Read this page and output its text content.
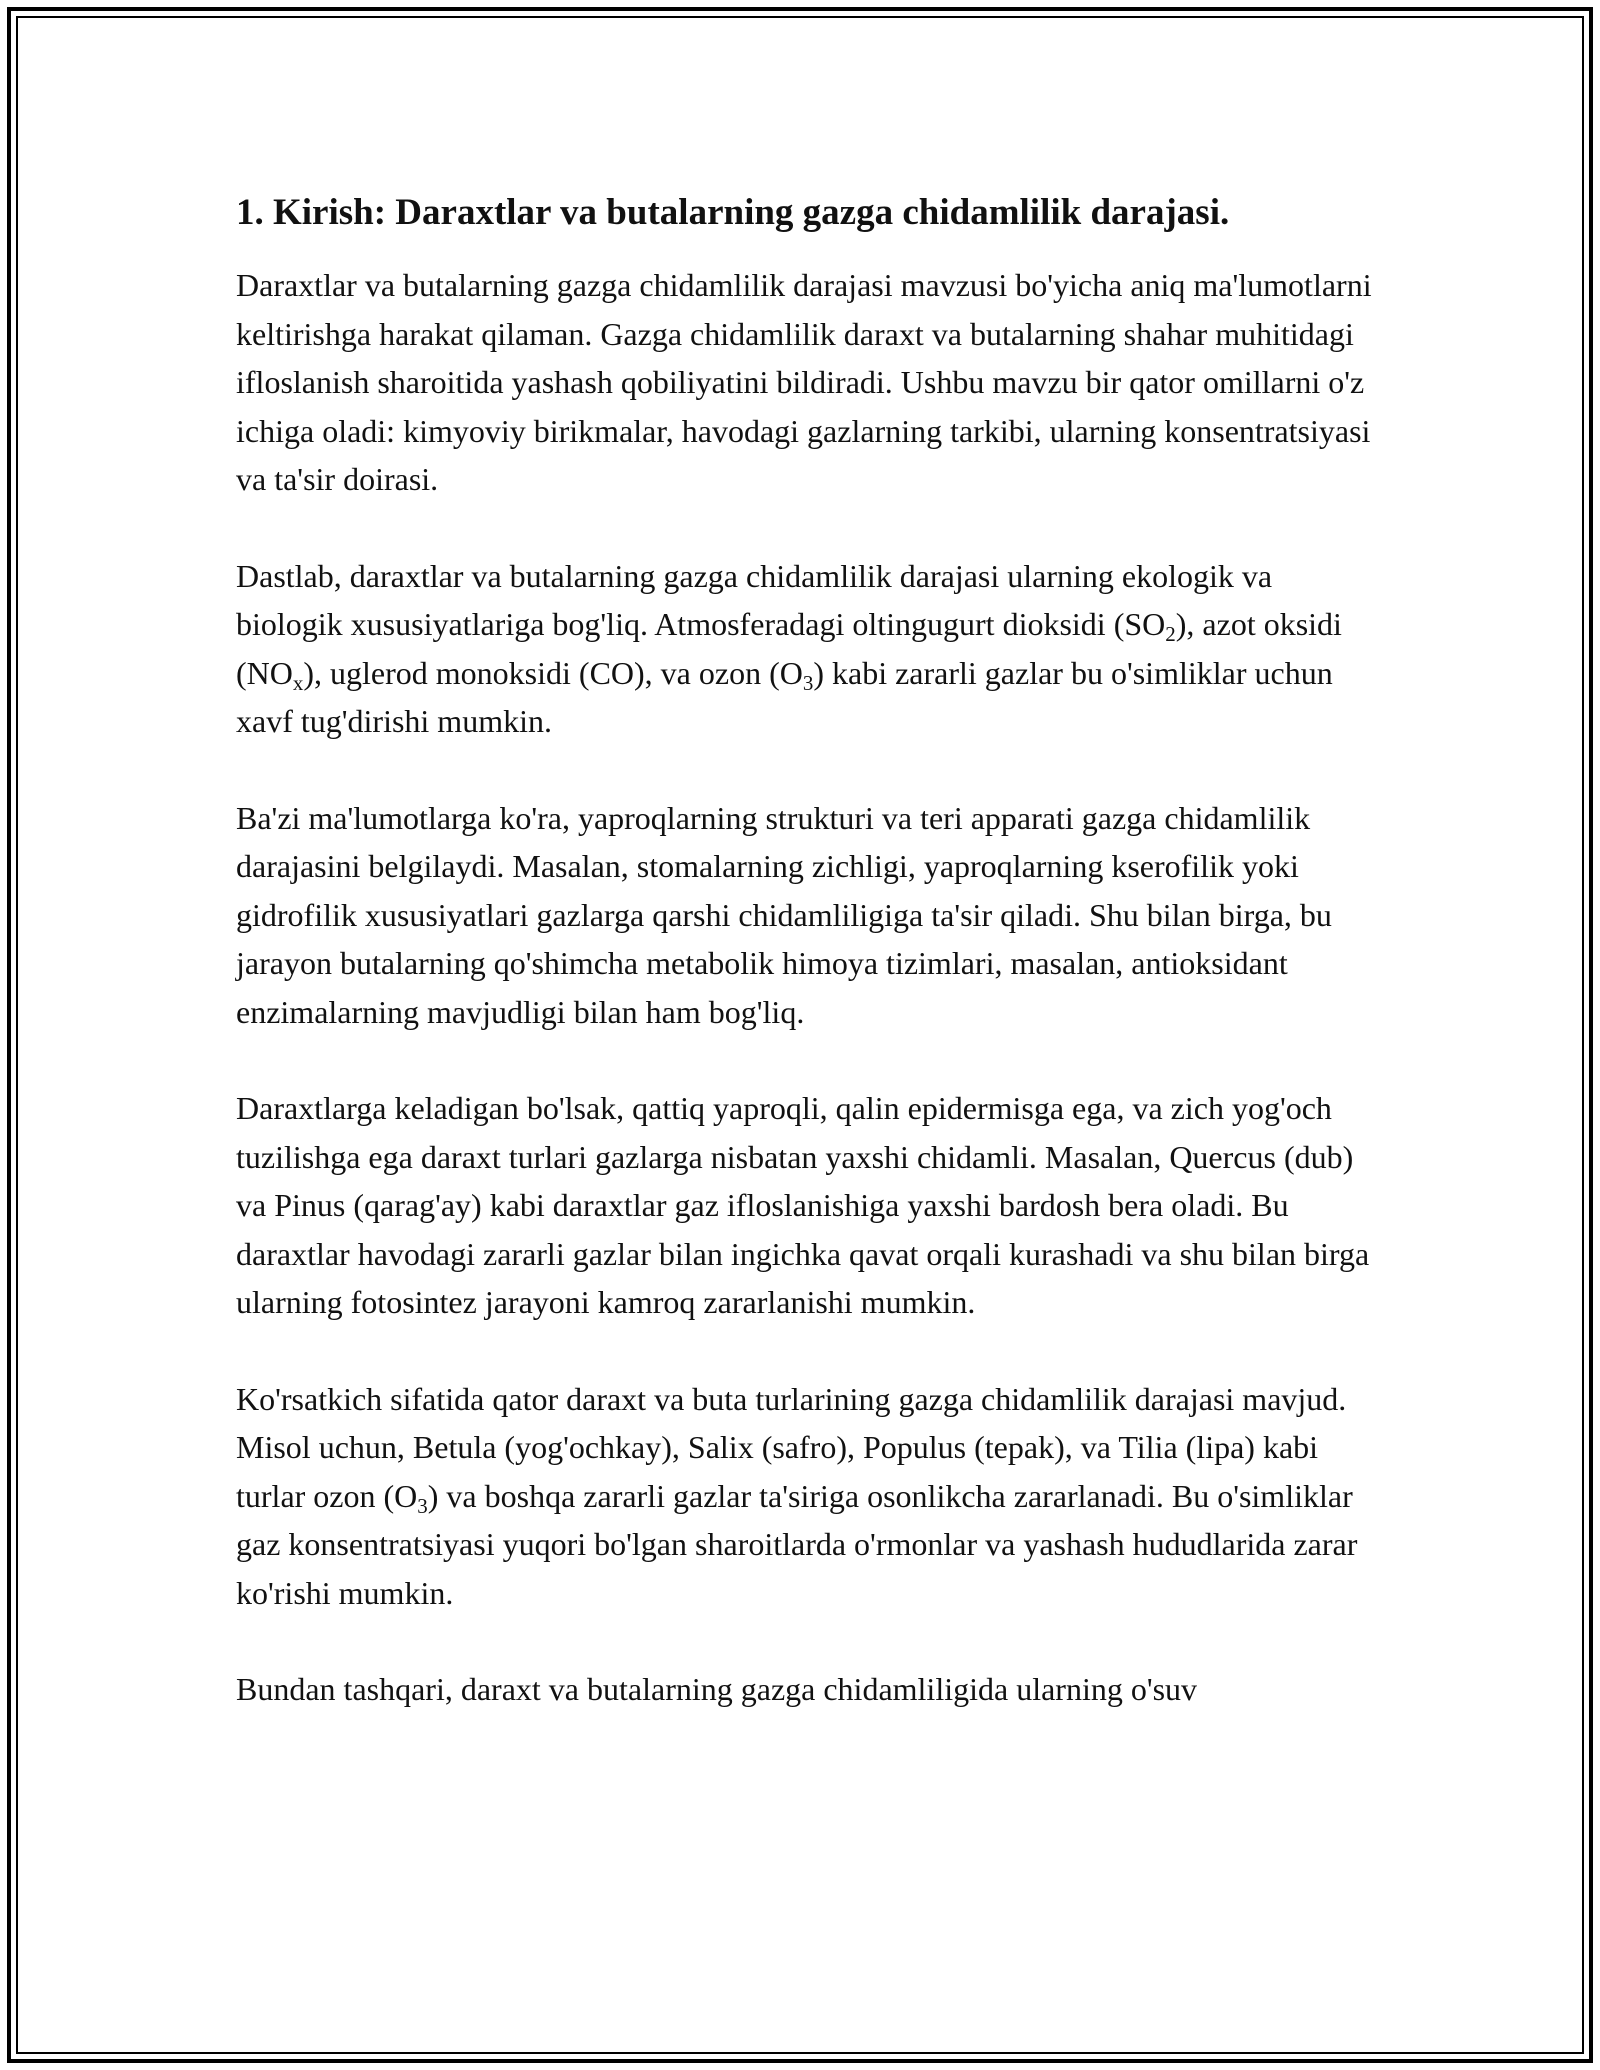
1. Kirish: Daraxtlar va butalarning gazga chidamlilik darajasi.

Daraxtlar va butalarning gazga chidamlilik darajasi mavzusi bo'yicha aniq ma'lumotlarni keltirishga harakat qilaman. Gazga chidamlilik daraxt va butalarning shahar muhitidagi ifloslanish sharoitida yashash qobiliyatini bildiradi. Ushbu mavzu bir qator omillarni o'z ichiga oladi: kimyoviy birikmalar, havodagi gazlarning tarkibi, ularning konsentratsiyasi va ta'sir doirasi.

Dastlab, daraxtlar va butalarning gazga chidamlilik darajasi ularning ekologik va biologik xususiyatlariga bog'liq. Atmosferadagi oltingugurt dioksidi $(SO_2)$, azot oksidi $(NO_x)$, uglerod monoksidi (CO), va ozon $(O_3)$ kabi zararli gazlar bu o'simliklar uchun xavf tug'dirishi mumkin.

Ba'zi ma'lumotlarga ko'ra, yaproqlarning strukturi va teri apparati gazga chidamlilik darajasini belgilaydi. Masalan, stomalarning zichligi, yaproqlarning kserofilik yoki gidrofilik xususiyatlari gazlarga qarshi chidamliligiga ta'sir qiladi. Shu bilan birga, bu jarayon butalarning qo'shimcha metabolik himoya tizimlari, masalan, antioksidant enzimalarning mavjudligi bilan ham bog'liq.

Daraxtlarga keladigan bo'lsak, qattiq yaproqli, qalin epidermisga ega, va zich yog'och tuzilishga ega daraxt turlari gazlarga nisbatan yaxshi chidamli. Masalan, Quercus (dub) va Pinus (qarag'ay) kabi daraxtlar gaz ifloslanishiga yaxshi bardosh bera oladi. Bu daraxtlar havodagi zararli gazlar bilan ingichka qavat orqali kurashadi va shu bilan birga ularning fotosintez jarayoni kamroq zararlanishi mumkin.

Ko'rsatkich sifatida qator daraxt va buta turlarining gazga chidamlilik darajasi mavjud. Misol uchun, Betula (yog'ochkay), Salix (safro), Populus (tepak), va Tilia (lipa) kabi turlar ozon $(O_3)$ va boshqa zararli gazlar ta'siriga osonlikcha zararlanadi. Bu o'simliklar gaz konsentratsiyasi yuqori bo'lgan sharoitlarda o'rmonlar va yashash hududlarida zarar ko'rishi mumkin.

Bundan tashqari, daraxt va butalarning gazga chidamliligida ularning o'suv
